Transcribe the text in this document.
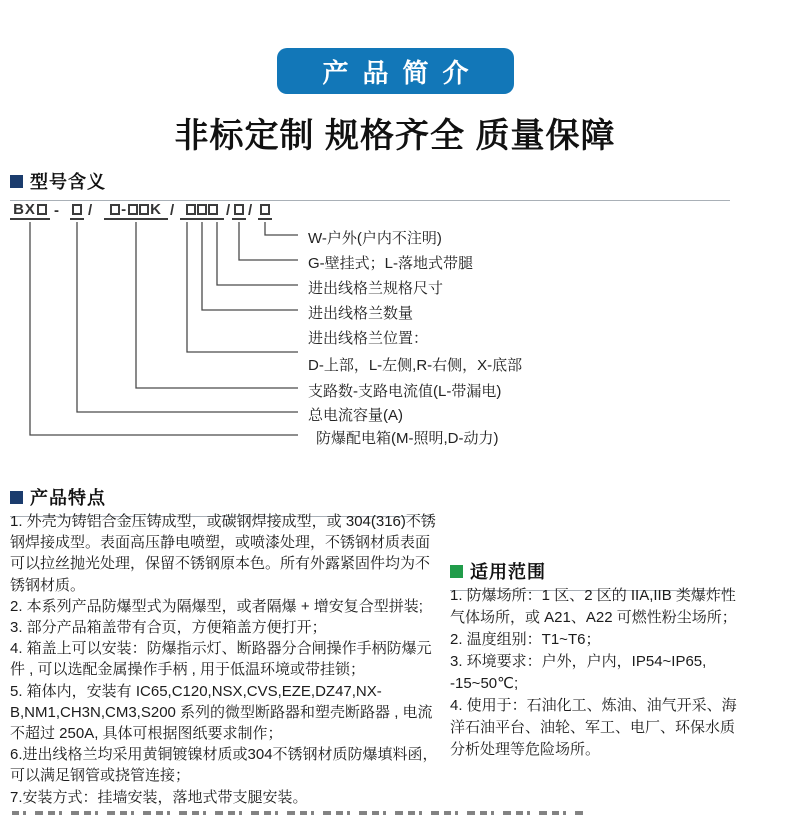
产品简介
非标定制 规格齐全 质量保障
型号含义
BX - / - K /	/ /
W-户外(户内不注明)
G-壁挂式；L-落地式带腿
进出线格兰规格尺寸
进出线格兰数量
进出线格兰位置：
D-上部，L-左侧,R-右侧，X-底部
支路数-支路电流值(L-带漏电)
总电流容量(A)
防爆配电箱(M-照明,D-动力)
产品特点

1. 外壳为铸铝合金压铸成型，或碳钢焊接成型，或 304(316)不锈钢焊接成型。表面高压静电喷塑，或喷漆处理，不锈钢材质表面可以拉丝抛光处理，保留不锈钢原本色。所有外露紧固件均为不锈钢材质。

2. 本系列产品防爆型式为隔爆型，或者隔爆 + 增安复合型拼装;

3. 部分产品箱盖带有合页，方便箱盖方便打开；

4. 箱盖上可以安装：防爆指示灯、断路器分合闸操作手柄防爆元件 , 可以选配金属操作手柄 , 用于低温环境或带挂锁；

5. 箱体内，安装有 IC65,C120,NSX,CVS,EZE,DZ47,NX-B,NM1,CH3N,CM3,S200 系列的微型断路器和塑壳断路器 , 电流不超过 250A, 具体可根据图纸要求制作；

6.进出线格兰均采用黄铜镀镍材质或304不锈钢材质防爆填料函，可以满足钢管或挠管连接；

7.安装方式：挂墙安装，落地式带支腿安装。

适用范围

1. 防爆场所：1 区、2 区的 IIA,IIB 类爆炸性气体场所，或 A21、A22 可燃性粉尘场所；

2. 温度组别：T1~T6；

3. 环境要求：户外，户内，IP54~IP65, -15~50℃;

4. 使用于：石油化工、炼油、油气开采、海洋石油平台、油轮、军工、电厂、环保水质分析处理等危险场所。
